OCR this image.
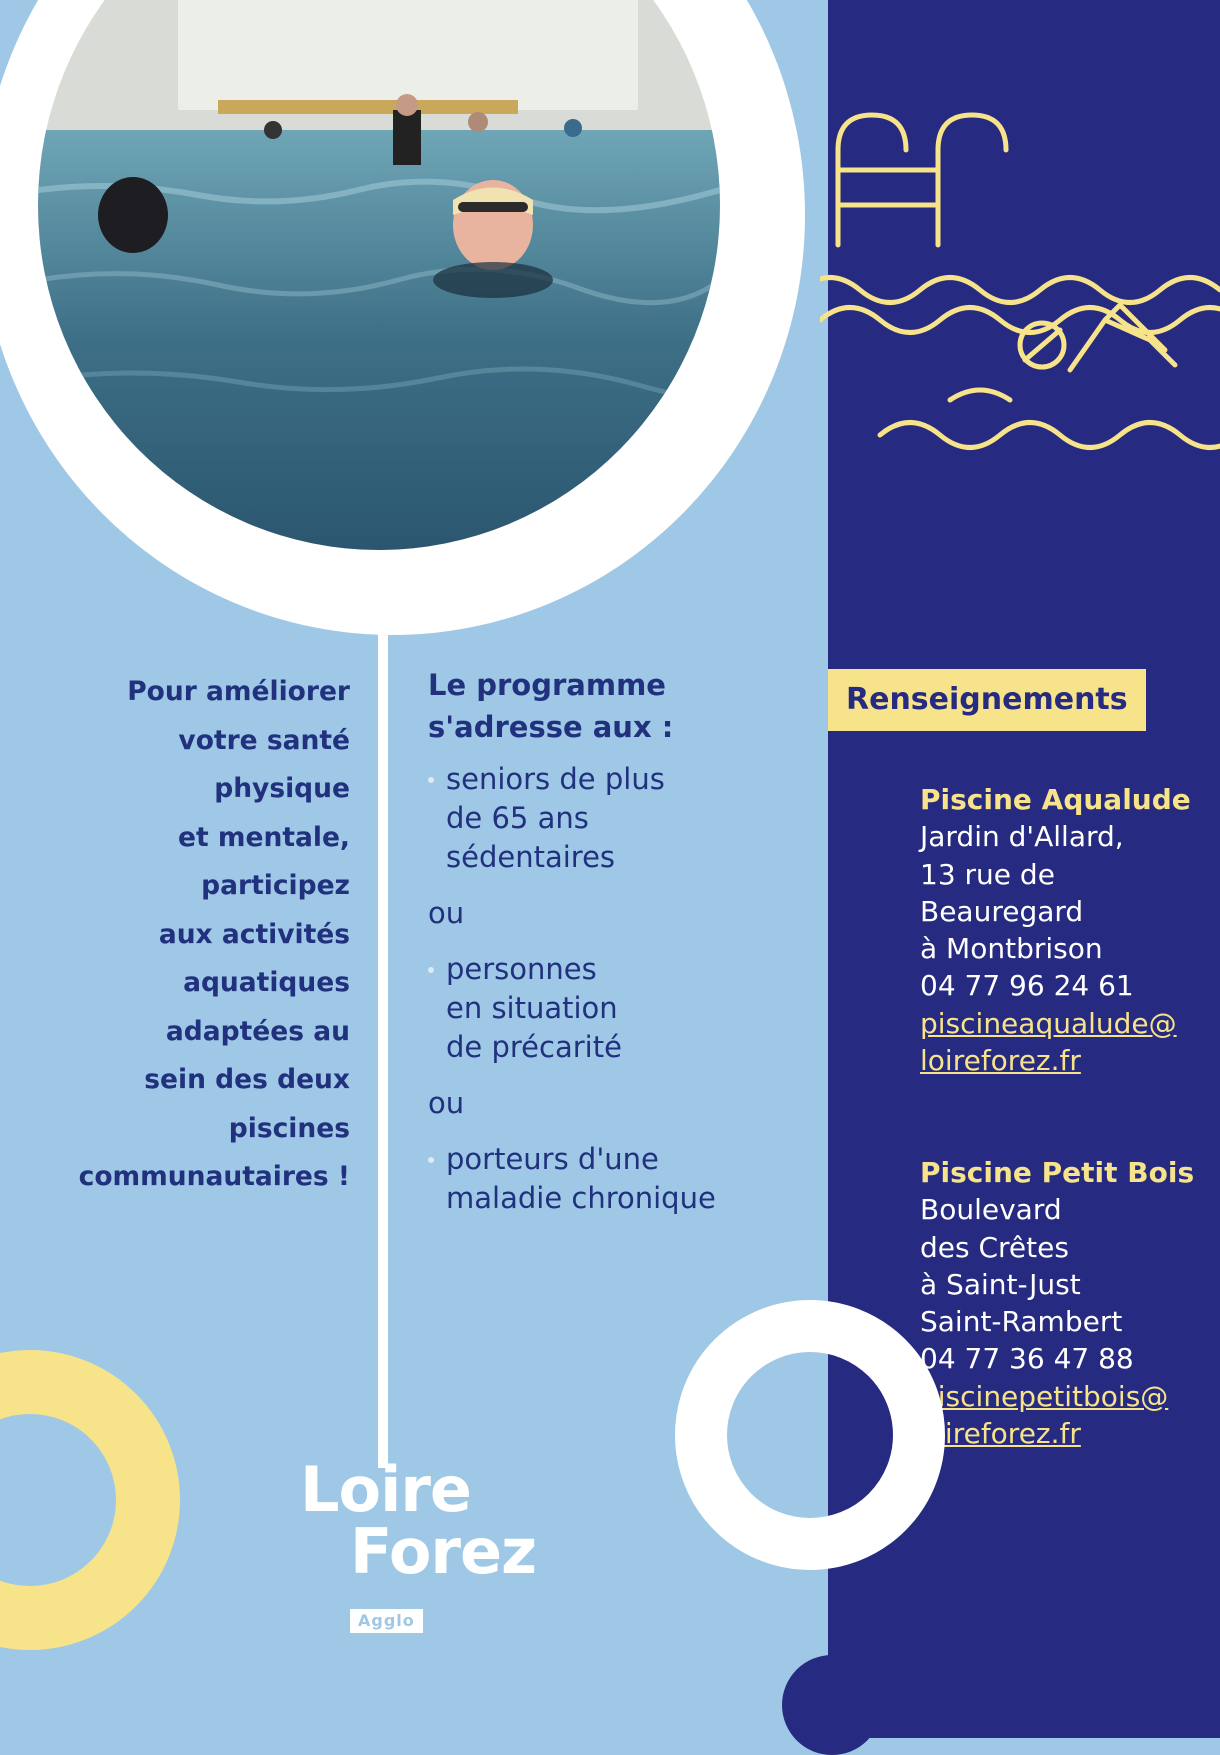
Pour améliorer
votre santé
physique
et mentale,
participez
aux activités
aquatiques
adaptées au
sein des deux
piscines
communautaires !
Le programme
s'adresse aux :
seniors de plus
de 65 ans
sédentaires
ou
personnes
en situation
de précarité
ou
porteurs d'une
maladie chronique
Renseignements
Piscine Aqualude
Jardin d'Allard,
13 rue de
Beauregard
à Montbrison
04 77 96 24 61
piscineaqualude@
loireforez.fr
Piscine Petit Bois
Boulevard
des Crêtes
à Saint-Just
Saint-Rambert
04 77 36 47 88
piscinepetitbois@
loireforez.fr
Loire
Forez
Agglo
